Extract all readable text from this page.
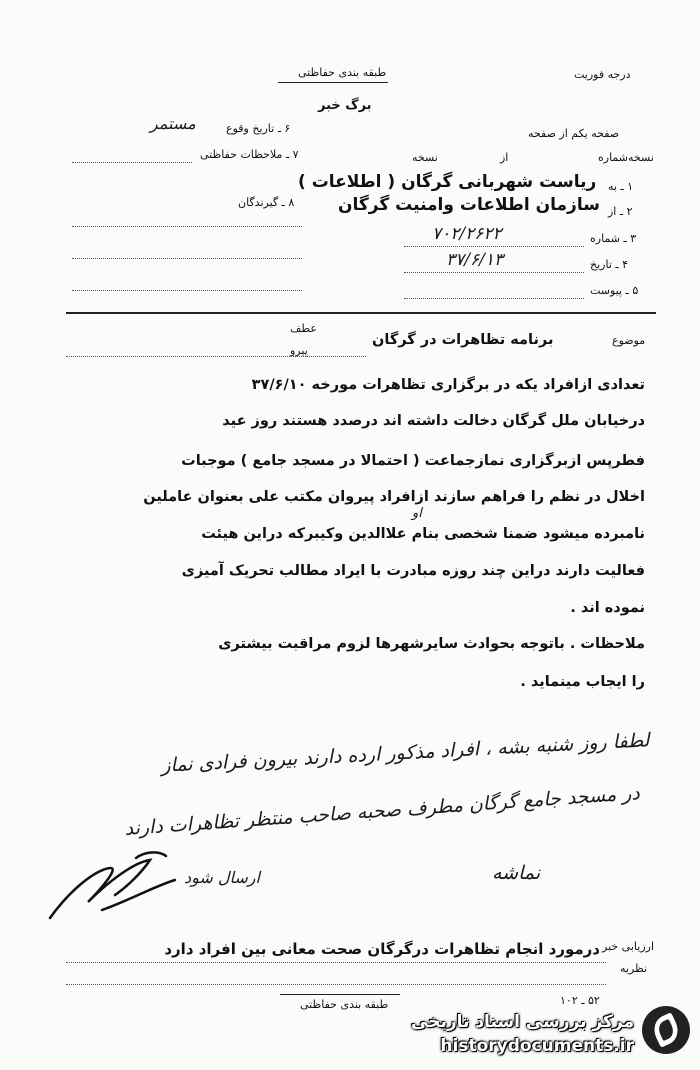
درجه فوریت
طبقه بندی حفاظتی
برگ خبر
صفحه یکم از صفحه
نسخه‌شماره
از
نسخه
۶ ـ تاریخ وقوع
مستمر
۷ ـ ملاحظات حفاظتی
۸ ـ گیرندگان
۱ ـ به
ریاست شهربانی گرگان ( اطلاعات )
۲ ـ از
سازمان اطلاعات وامنیت گرگان
۳ ـ شماره
۷۰۲/۲۶۲۲
۴ ـ تاریخ
۳۷/۶/۱۳
۵ ـ پیوست
عطف
پیرو
موضوع
برنامه تظاهرات در گرگان
تعدادی ازافراد یکه در برگزاری تظاهرات مورخه ۳۷/۶/۱۰
درخیابان ملل گرگان دخالت داشته اند درصدد هستند روز عید
فطرپس ازبرگزاری نمازجماعت ( احتمالا در مسجد جامع ) موجبات
اخلال در نظم را فراهم سازند ازافراد پیروان مکتب علی بعنوان عاملین
او
نامبرده میشود ضمنا شخصی بنام علاالدین وکیبرکه دراین هیئت
فعالیت دارند دراین چند روزه مبادرت با ایراد مطالب تحریک آمیزی
نموده اند .
ملاحظات . باتوجه بحوادث سایرشهرها لزوم مراقبت بیشتری
را ایجاب مینماید .
لطفا روز شنبه بشه ، افراد مذکور ارده دارند بیرون فرادی نماز
در مسجد جامع گرگان مطرف صحبه صاحب منتظر تظاهرات دارند
نماشه
ارسال شود
ارزیابی خبر
نظریه
درمورد انجام تظاهرات درگرگان صحت معانی بین افراد دارد
طبقه بندی حفاظتی	۵۲ ـ ۱۰۲
مرکز بررسی اسناد تاریخی
historydocuments.ir
